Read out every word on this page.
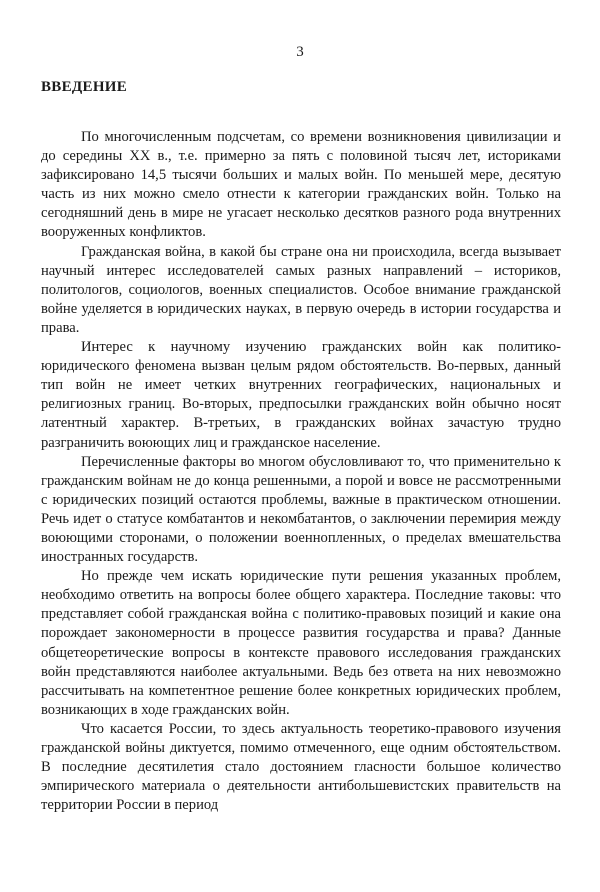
3

ВВЕДЕНИЕ

По многочисленным подсчетам, со времени возникновения цивилизации и до середины XX в., т.е. примерно за пять с половиной тысяч лет, историками зафиксировано 14,5 тысячи больших и малых войн. По меньшей мере, десятую часть из них можно смело отнести к категории гражданских войн. Только на сегодняшний день в мире не угасает несколько десятков разного рода внутренних вооруженных конфликтов.

Гражданская война, в какой бы стране она ни происходила, всегда вызывает научный интерес исследователей самых разных направлений – историков, политологов, социологов, военных специалистов. Особое внимание гражданской войне уделяется в юридических науках, в первую очередь в истории государства и права.

Интерес к научному изучению гражданских войн как политико-юридического феномена вызван целым рядом обстоятельств. Во-первых, данный тип войн не имеет четких внутренних географических, национальных и религиозных границ. Во-вторых, предпосылки гражданских войн обычно носят латентный характер. В-третьих, в гражданских войнах зачастую трудно разграничить воюющих лиц и гражданское население.

Перечисленные факторы во многом обусловливают то, что применительно к гражданским войнам не до конца решенными, а порой и вовсе не рассмотренными с юридических позиций остаются проблемы, важные в практическом отношении. Речь идет о статусе комбатантов и некомбатантов, о заключении перемирия между воюющими сторонами, о положении военнопленных, о пределах вмешательства иностранных государств.

Но прежде чем искать юридические пути решения указанных проблем, необходимо ответить на вопросы более общего характера. Последние таковы: что представляет собой гражданская война с политико-правовых позиций и какие она порождает закономерности в процессе развития государства и права? Данные общетеоретические вопросы в контексте правового исследования гражданских войн представляются наиболее актуальными. Ведь без ответа на них невозможно рассчитывать на компетентное решение более конкретных юридических проблем, возникающих в ходе гражданских войн.

Что касается России, то здесь актуальность теоретико-правового изучения гражданской войны диктуется, помимо отмеченного, еще одним обстоятельством. В последние десятилетия стало достоянием гласности большое количество эмпирического материала о деятельности антибольшевистских правительств на территории России в период
